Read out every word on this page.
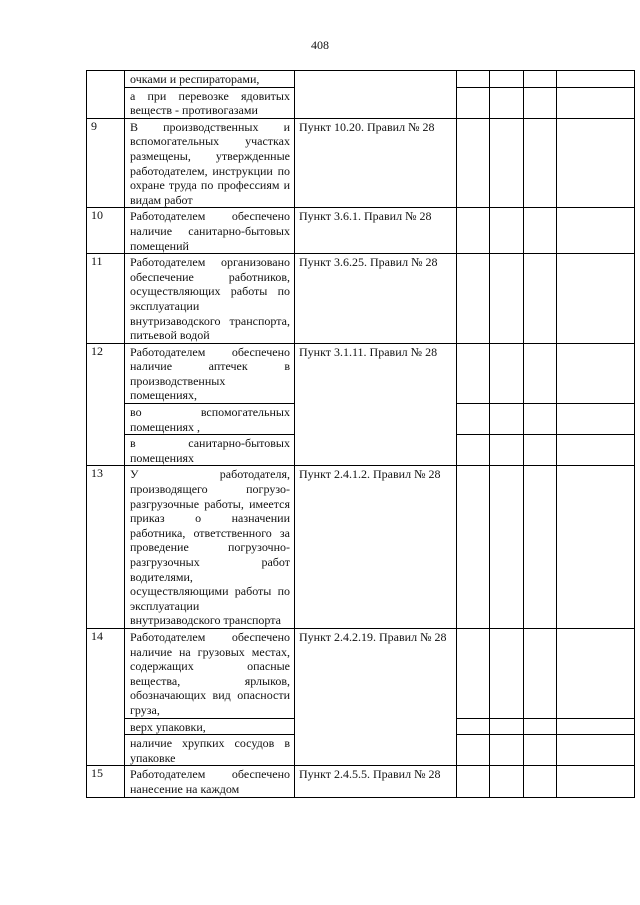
408
	очками и респираторами,					
	а при перевозке ядовитых веществ - противогазами					
9	В производственных и вспомогательных участках размещены, утвержденные работодателем, инструкции по охране труда по профессиям и видам работ	Пункт 10.20. Правил № 28				
10	Работодателем обеспечено наличие санитарно-бытовых помещений	Пункт 3.6.1. Правил № 28				
11	Работодателем организовано обеспечение работников, осуществляющих работы по эксплуатации внутризаводского транспорта, питьевой водой	Пункт 3.6.25. Правил № 28				
12	Работодателем обеспечено наличие аптечек в производственных помещениях,	Пункт 3.1.11. Правил № 28				
	во вспомогательных помещениях ,					
	в санитарно-бытовых помещениях					
13	У работодателя, производящего погрузо-разгрузочные работы, имеется приказ о назначении работника, ответственного за проведение погрузочно-разгрузочных работ водителями, осуществляющими работы по эксплуатации внутризаводского транспорта	Пункт 2.4.1.2. Правил № 28				
14	Работодателем обеспечено наличие на грузовых местах, содержащих опасные вещества, ярлыков, обозначающих вид опасности груза,	Пункт 2.4.2.19. Правил № 28				
	верх упаковки,					
	наличие хрупких сосудов в упаковке					
15	Работодателем обеспечено нанесение на каждом	Пункт 2.4.5.5. Правил № 28				
